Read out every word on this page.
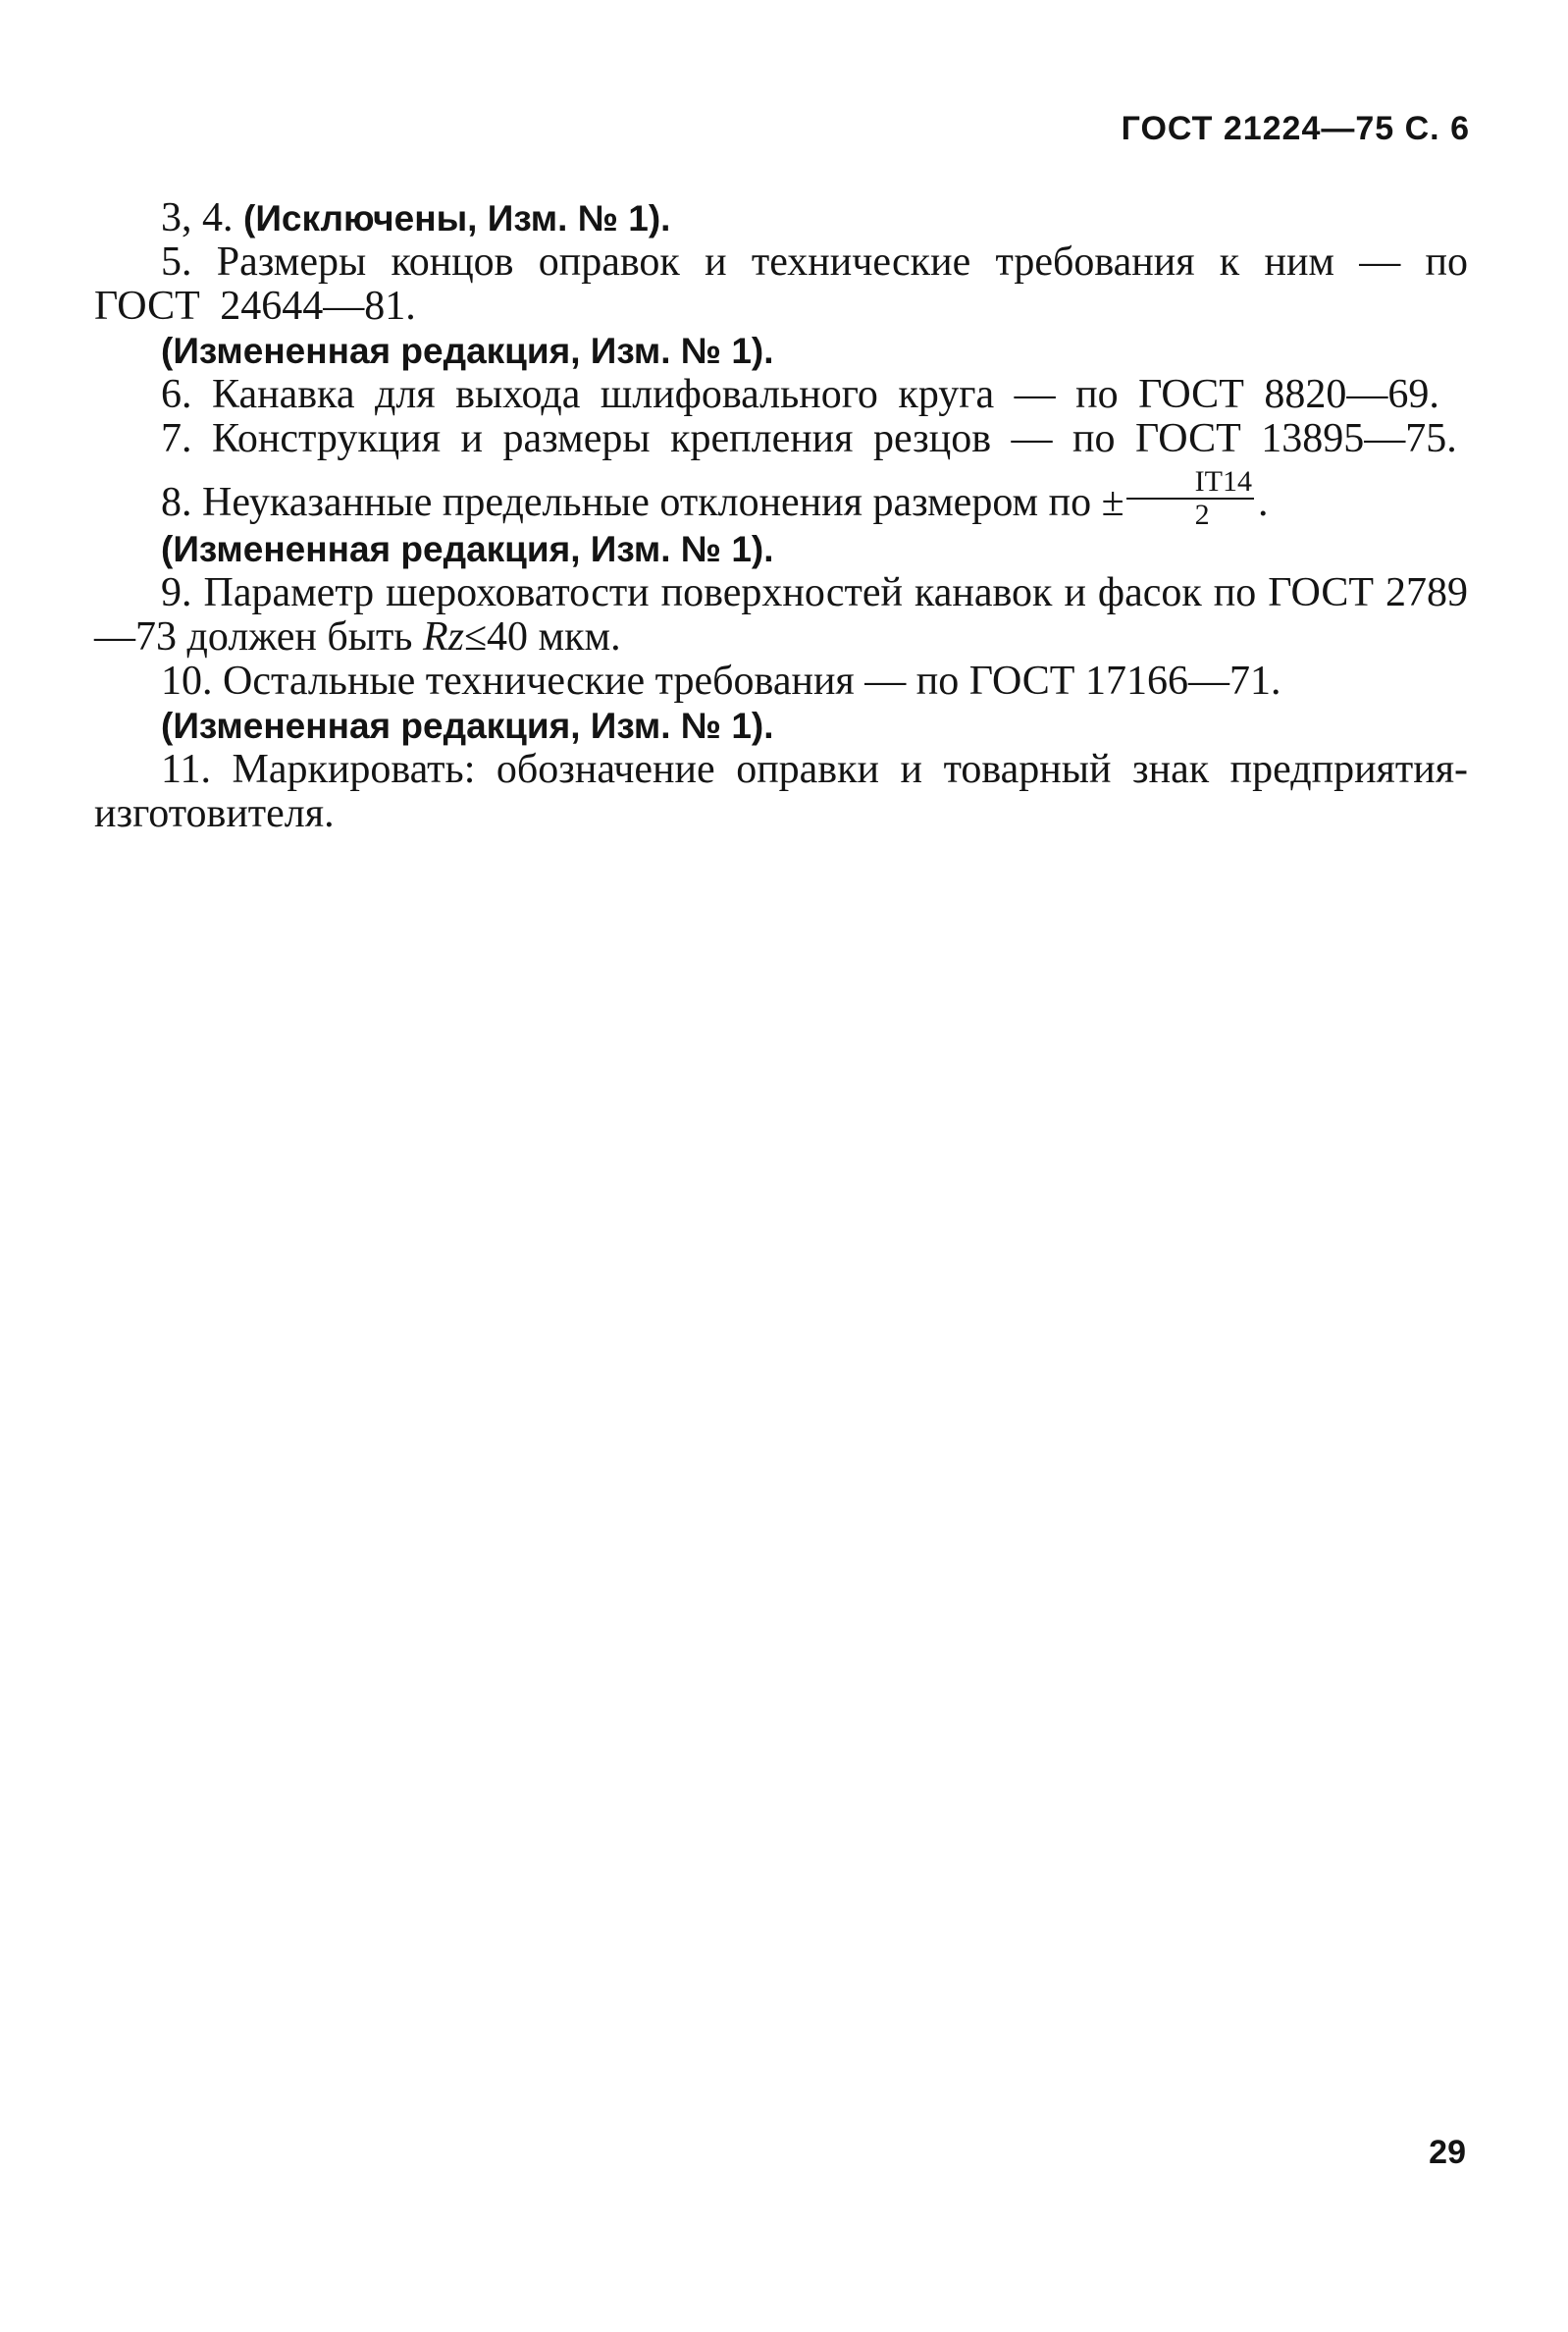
ГОСТ 21224—75 С. 6

3, 4. (Исключены, Изм. № 1).

5. Размеры концов оправок и технические требования к ним — по ГОСТ 24644—81.

(Измененная редакция, Изм. № 1).

6. Канавка для выхода шлифовального круга — по ГОСТ 8820—69.

7. Конструкция и размеры крепления резцов — по ГОСТ 13895—75.

8. Неуказанные предельные отклонения размером по ± $\frac{IT14}{2}$ .

(Измененная редакция, Изм. № 1).

9. Параметр шероховатости поверхностей канавок и фасок по ГОСТ 2789—73 должен быть Rz≤40 мкм.

10. Остальные технические требования — по ГОСТ 17166—71.

(Измененная редакция, Изм. № 1).

11. Маркировать: обозначение оправки и товарный знак предприятия-изготовителя.

29
